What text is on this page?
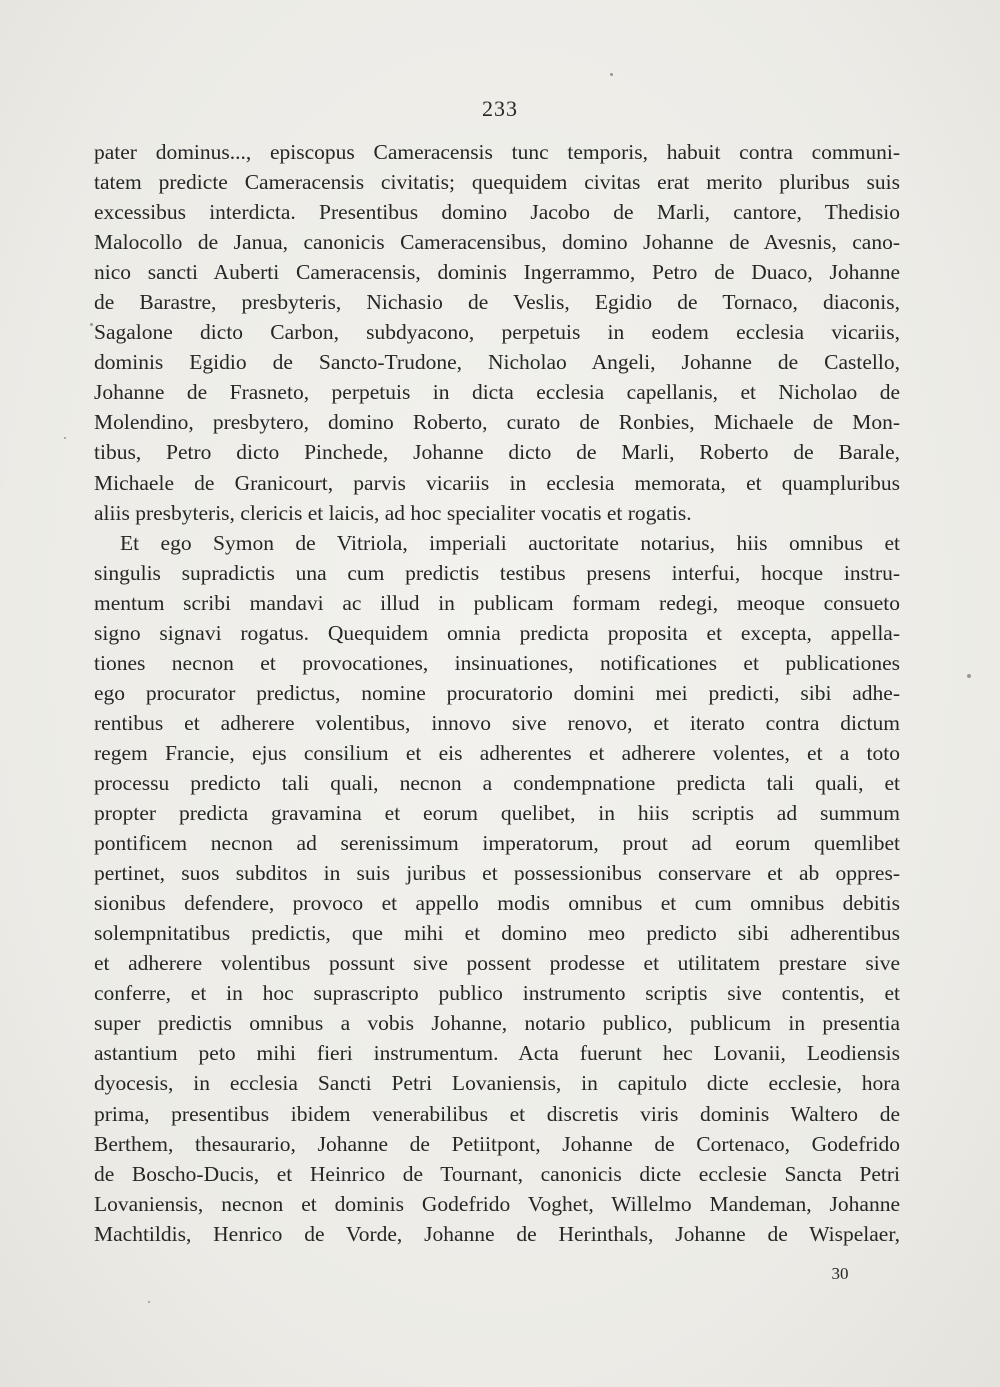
233
pater dominus..., episcopus Cameracensis tunc temporis, habuit contra communi-
tatem predicte Cameracensis civitatis; quequidem civitas erat merito pluribus suis
excessibus interdicta. Presentibus domino Jacobo de Marli, cantore, Thedisio
Malocollo de Janua, canonicis Cameracensibus, domino Johanne de Avesnis, cano-
nico sancti Auberti Cameracensis, dominis Ingerrammo, Petro de Duaco, Johanne
de Barastre, presbyteris, Nichasio de Veslis, Egidio de Tornaco, diaconis,
Sagalone dicto Carbon, subdyacono, perpetuis in eodem ecclesia vicariis,
dominis Egidio de Sancto-Trudone, Nicholao Angeli, Johanne de Castello,
Johanne de Frasneto, perpetuis in dicta ecclesia capellanis, et Nicholao de
Molendino, presbytero, domino Roberto, curato de Ronbies, Michaele de Mon-
tibus, Petro dicto Pinchede, Johanne dicto de Marli, Roberto de Barale,
Michaele de Granicourt, parvis vicariis in ecclesia memorata, et quampluribus
aliis presbyteris, clericis et laicis, ad hoc specialiter vocatis et rogatis.
Et ego Symon de Vitriola, imperiali auctoritate notarius, hiis omnibus et
singulis supradictis una cum predictis testibus presens interfui, hocque instru-
mentum scribi mandavi ac illud in publicam formam redegi, meoque consueto
signo signavi rogatus. Quequidem omnia predicta proposita et excepta, appella-
tiones necnon et provocationes, insinuationes, notificationes et publicationes
ego procurator predictus, nomine procuratorio domini mei predicti, sibi adhe-
rentibus et adherere volentibus, innovo sive renovo, et iterato contra dictum
regem Francie, ejus consilium et eis adherentes et adherere volentes, et a toto
processu predicto tali quali, necnon a condempnatione predicta tali quali, et
propter predicta gravamina et eorum quelibet, in hiis scriptis ad summum
pontificem necnon ad serenissimum imperatorum, prout ad eorum quemlibet
pertinet, suos subditos in suis juribus et possessionibus conservare et ab oppres-
sionibus defendere, provoco et appello modis omnibus et cum omnibus debitis
solempnitatibus predictis, que mihi et domino meo predicto sibi adherentibus
et adherere volentibus possunt sive possent prodesse et utilitatem prestare sive
conferre, et in hoc suprascripto publico instrumento scriptis sive contentis, et
super predictis omnibus a vobis Johanne, notario publico, publicum in presentia
astantium peto mihi fieri instrumentum. Acta fuerunt hec Lovanii, Leodiensis
dyocesis, in ecclesia Sancti Petri Lovaniensis, in capitulo dicte ecclesie, hora
prima, presentibus ibidem venerabilibus et discretis viris dominis Waltero de
Berthem, thesaurario, Johanne de Petiitpont, Johanne de Cortenaco, Godefrido
de Boscho-Ducis, et Heinrico de Tournant, canonicis dicte ecclesie Sancta Petri
Lovaniensis, necnon et dominis Godefrido Voghet, Willelmo Mandeman, Johanne
Machtildis, Henrico de Vorde, Johanne de Herinthals, Johanne de Wispelaer,
30
